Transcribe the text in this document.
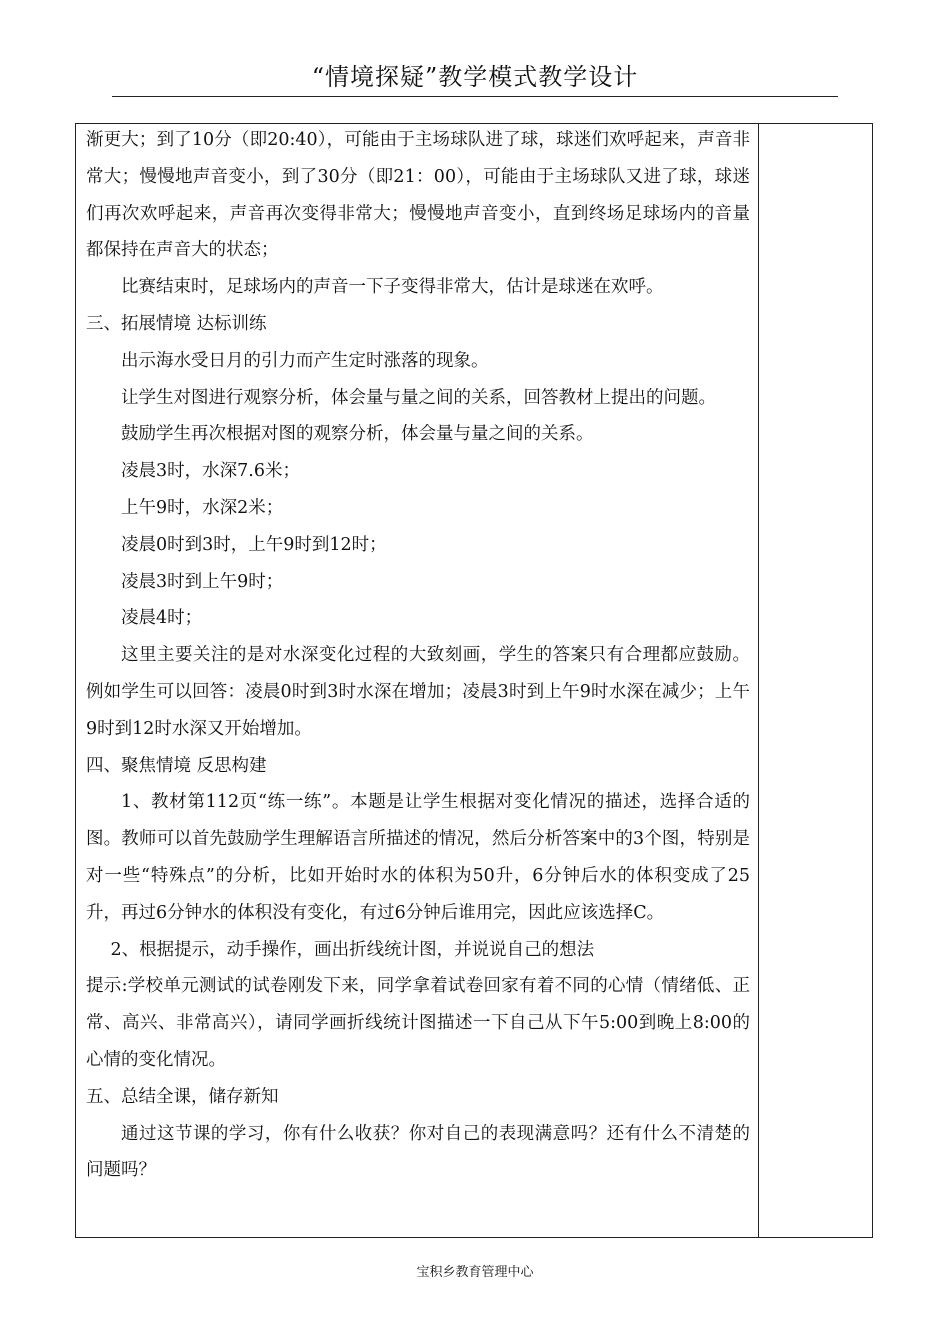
“情境探疑”教学模式教学设计

渐更大；到了10分（即20:40），可能由于主场球队进了球，球迷们欢呼起来，声音非常大；慢慢地声音变小，到了30分（即21：00），可能由于主场球队又进了球，球迷们再次欢呼起来，声音再次变得非常大；慢慢地声音变小，直到终场足球场内的音量都保持在声音大的状态；

比赛结束时，足球场内的声音一下子变得非常大，估计是球迷在欢呼。

三、拓展情境 达标训练

出示海水受日月的引力而产生定时涨落的现象。

让学生对图进行观察分析，体会量与量之间的关系，回答教材上提出的问题。

鼓励学生再次根据对图的观察分析，体会量与量之间的关系。

凌晨3时，水深7.6米；

上午9时，水深2米；

凌晨0时到3时，上午9时到12时；

凌晨3时到上午9时；

凌晨4时；

这里主要关注的是对水深变化过程的大致刻画，学生的答案只有合理都应鼓励。例如学生可以回答：凌晨0时到3时水深在增加；凌晨3时到上午9时水深在减少；上午9时到12时水深又开始增加。

四、聚焦情境 反思构建

1、教材第112页“练一练”。本题是让学生根据对变化情况的描述，选择合适的图。教师可以首先鼓励学生理解语言所描述的情况，然后分析答案中的3个图，特别是对一些“特殊点”的分析，比如开始时水的体积为50升，6分钟后水的体积变成了25升，再过6分钟水的体积没有变化，有过6分钟后谁用完，因此应该选择C。

2、根据提示，动手操作，画出折线统计图，并说说自己的想法

提示:学校单元测试的试卷刚发下来，同学拿着试卷回家有着不同的心情（情绪低、正常、高兴、非常高兴），请同学画折线统计图描述一下自己从下午5:00到晚上8:00的心情的变化情况。

五、总结全课，储存新知

通过这节课的学习，你有什么收获？你对自己的表现满意吗？还有什么不清楚的问题吗？

宝积乡教育管理中心
